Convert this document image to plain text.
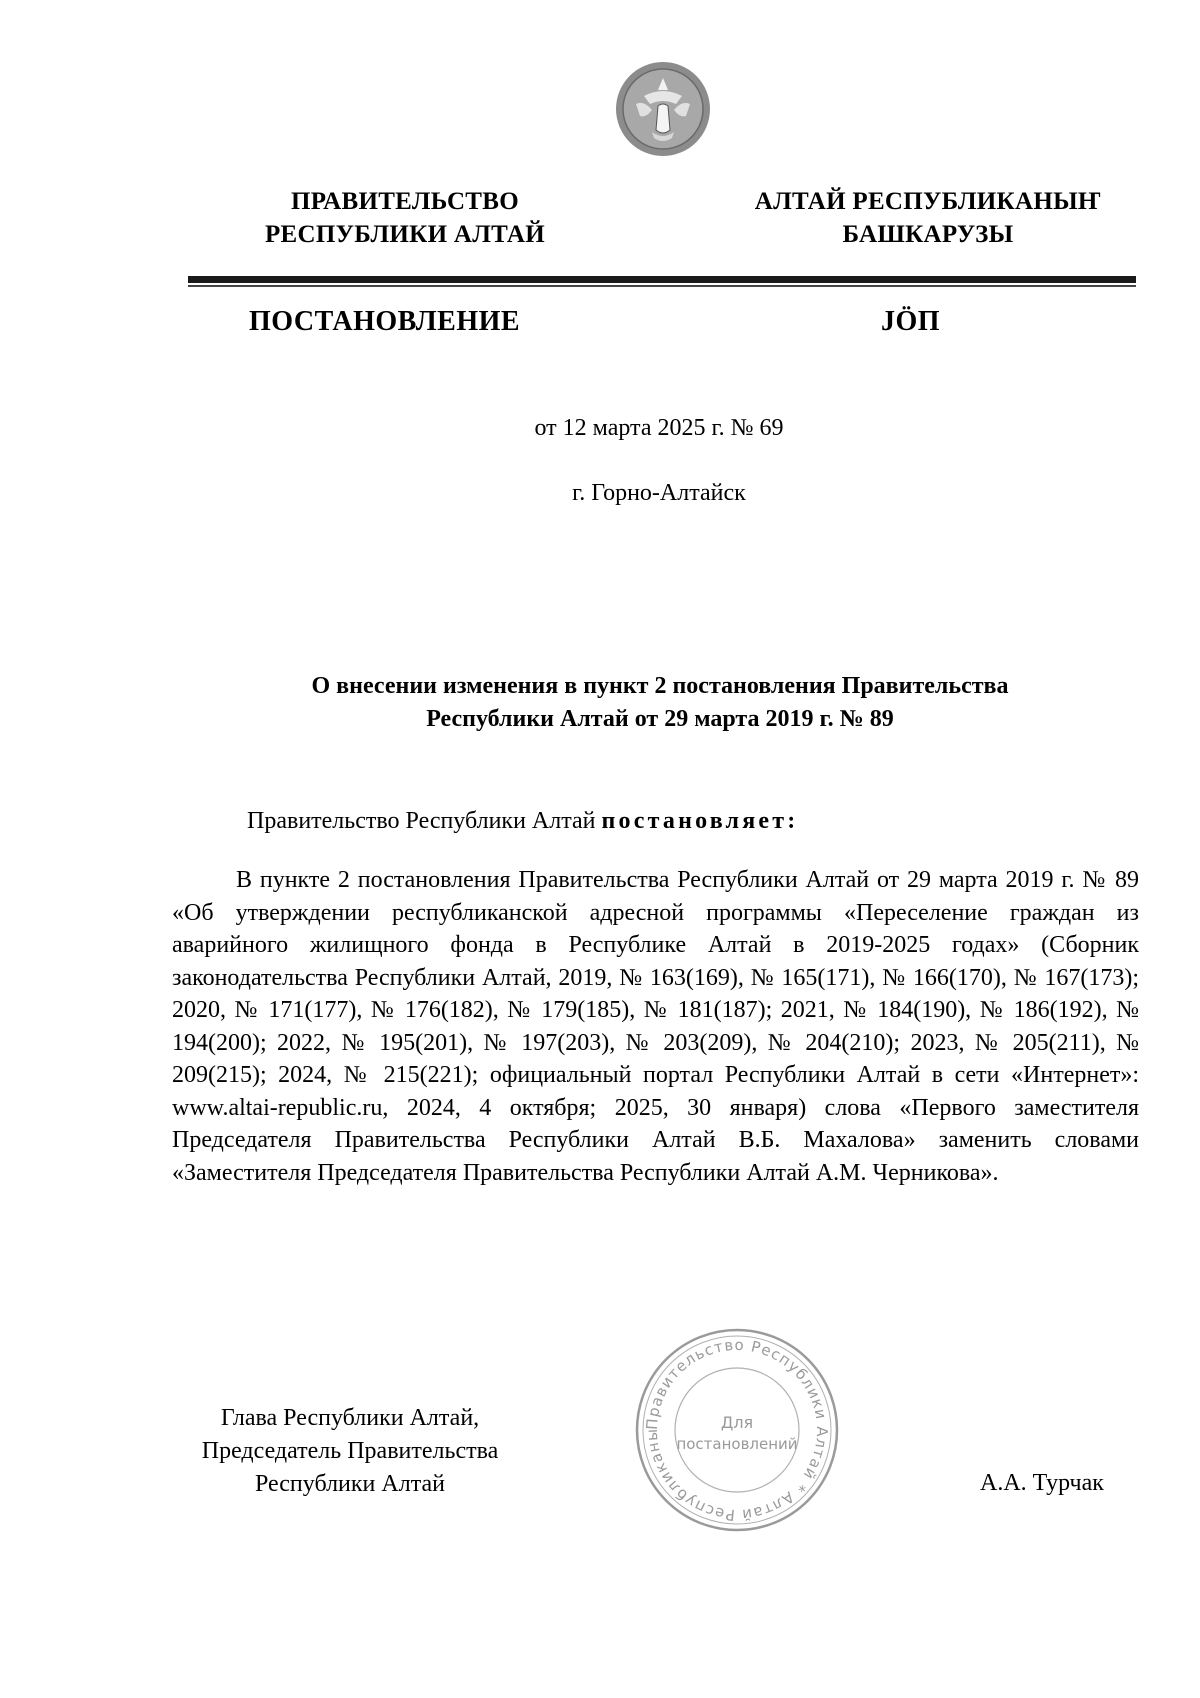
ПРАВИТЕЛЬСТВО
РЕСПУБЛИКИ АЛТАЙ
АЛТАЙ РЕСПУБЛИКАНЫҤ
БАШКАРУЗЫ
ПОСТАНОВЛЕНИЕ	JӦП
от 12 марта 2025 г. № 69
г. Горно-Алтайск
О внесении изменения в пункт 2 постановления Правительства
Республики Алтай от 29 марта 2019 г. № 89
Правительство Республики Алтай постановляет:
В пункте 2 постановления Правительства Республики Алтай от 29 марта 2019 г. № 89 «Об утверждении республиканской адресной программы «Переселение граждан из аварийного жилищного фонда в Республике Алтай в 2019-2025 годах» (Сборник законодательства Республики Алтай, 2019, № 163(169), № 165(171), № 166(170), № 167(173); 2020, № 171(177), № 176(182), № 179(185), № 181(187); 2021, № 184(190), № 186(192), № 194(200); 2022, № 195(201), № 197(203), № 203(209), № 204(210); 2023, № 205(211), № 209(215); 2024, № 215(221); официальный портал Республики Алтай в сети «Интернет»: www.altai-republic.ru, 2024, 4 октября; 2025, 30 января) слова «Первого заместителя Председателя Правительства Республики Алтай В.Б. Махалова» заменить словами «Заместителя Председателя Правительства Республики Алтай А.М. Черникова».
Глава Республики Алтай,
Председатель Правительства
Республики Алтай	А.А. Турчак
Правительство Республики Алтай * Алтай Республиканы
Для
постановлений
